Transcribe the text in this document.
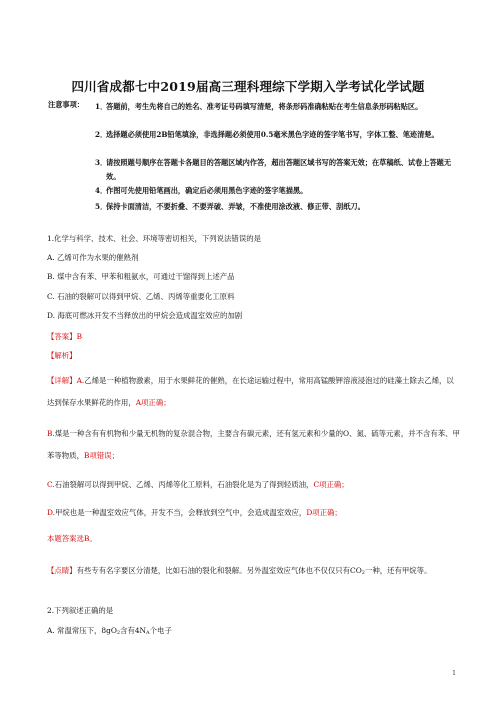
四川省成都七中2019届高三理科理综下学期入学考试化学试题
注意事项： 1．
答题前，考生先将自己的姓名、准考证号码填写清楚，将条形码准确粘贴在考生信息条形码粘贴区。
2．
选择题必须使用2B铅笔填涂，非选择题必须使用0.5毫米黑色字迹的签字笔书写，字体工整、笔迹清楚。
3．
请按照题号顺序在答题卡各题目的答题区域内作答，超出答题区域书写的答案无效；在草稿纸、试卷上答题无效。
4．
作图可先使用铅笔画出，确定后必须用黑色字迹的签字笔描黑。
5．
保持卡面清洁，不要折叠、不要弄破、弄皱，不准使用涂改液、修正带、刮纸刀。
1.化学与科学、技术、社会、环境等密切相关，下列说法错误的是
A. 乙烯可作为水果的催熟剂
B. 煤中含有苯、甲苯和粗氨水，可通过干馏得到上述产品
C. 石油的裂解可以得到甲烷、乙烯、丙烯等重要化工原料
D. 海底可燃冰开发不当释放出的甲烷会造成温室效应的加剧
【答案】B
【解析】
【详解】A.乙烯是一种植物激素，用于水果鲜花的催熟，在长途运输过程中，常用高锰酸钾溶液浸泡过的硅藻土除去乙烯，以达到保存水果鲜花的作用，A项正确；
B.煤是一种含有有机物和少量无机物的复杂混合物，主要含有碳元素，还有氢元素和少量的O、氮、硫等元素，并不含有苯、甲苯等物质，B项错误；
C.石油裂解可以得到甲烷、乙烯、丙烯等化工原料，石油裂化是为了得到轻质油，C项正确；
D.甲烷也是一种温室效应气体，开发不当，会释放到空气中，会造成温室效应，D项正确；
本题答案选B。
【点睛】有些专有名字要区分清楚，比如石油的裂化和裂解。另外温室效应气体也不仅仅只有$CO_2$一种，还有甲烷等。
2.下列叙述正确的是
A. 常温常压下，$8gO_2$含有$4N_A$个电子
1
